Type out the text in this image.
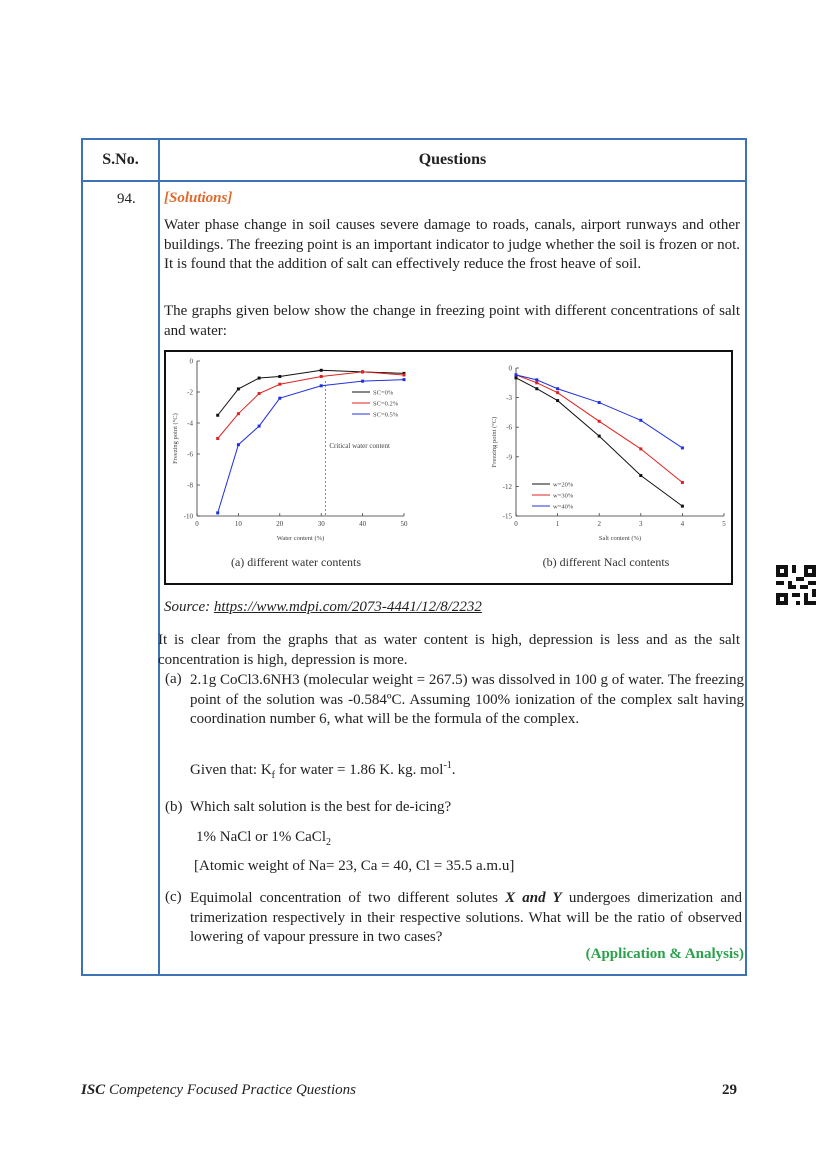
S.No.	Questions
94. [Solutions]
Water phase change in soil causes severe damage to roads, canals, airport runways and other buildings. The freezing point is an important indicator to judge whether the soil is frozen or not. It is found that the addition of salt can effectively reduce the frost heave of soil.
The graphs given below show the change in freezing point with different concentrations of salt and water:
0	10	20	30	40	50
0
-2
-4
-6
-8
-10
Water content (%)
Freezing point (°C)
(a) different water contents
Critical water content
SC=0%
SC=0.2%
SC=0.5%
0	1	2	3	4	5
0
-3
-6
-9
-12
-15
Salt content (%)
Freezing point (°C)
(b) different Nacl contents
w=20%
w=30%
w=40%
Source: https://www.mdpi.com/2073-4441/12/8/2232
It is clear from the graphs that as water content is high, depression is less and as the salt concentration is high, depression is more.
(a) 2.1g CoCl3.6NH3 (molecular weight = 267.5) was dissolved in 100 g of water. The freezing point of the solution was -0.584ºC. Assuming 100% ionization of the complex salt having coordination number 6, what will be the formula of the complex.
Given that: $K_f$ for water = 1.86 K. kg. mol$^{-1}$.
(b) Which salt solution is the best for de-icing?
1% NaCl or 1% CaCl$_2$
[Atomic weight of Na= 23, Ca = 40, Cl = 35.5 a.m.u]
(c) Equimolal concentration of two different solutes X and Y undergoes dimerization and trimerization respectively in their respective solutions. What will be the ratio of observed lowering of vapour pressure in two cases?
(Application & Analysis)
ISC Competency Focused Practice Questions	29
